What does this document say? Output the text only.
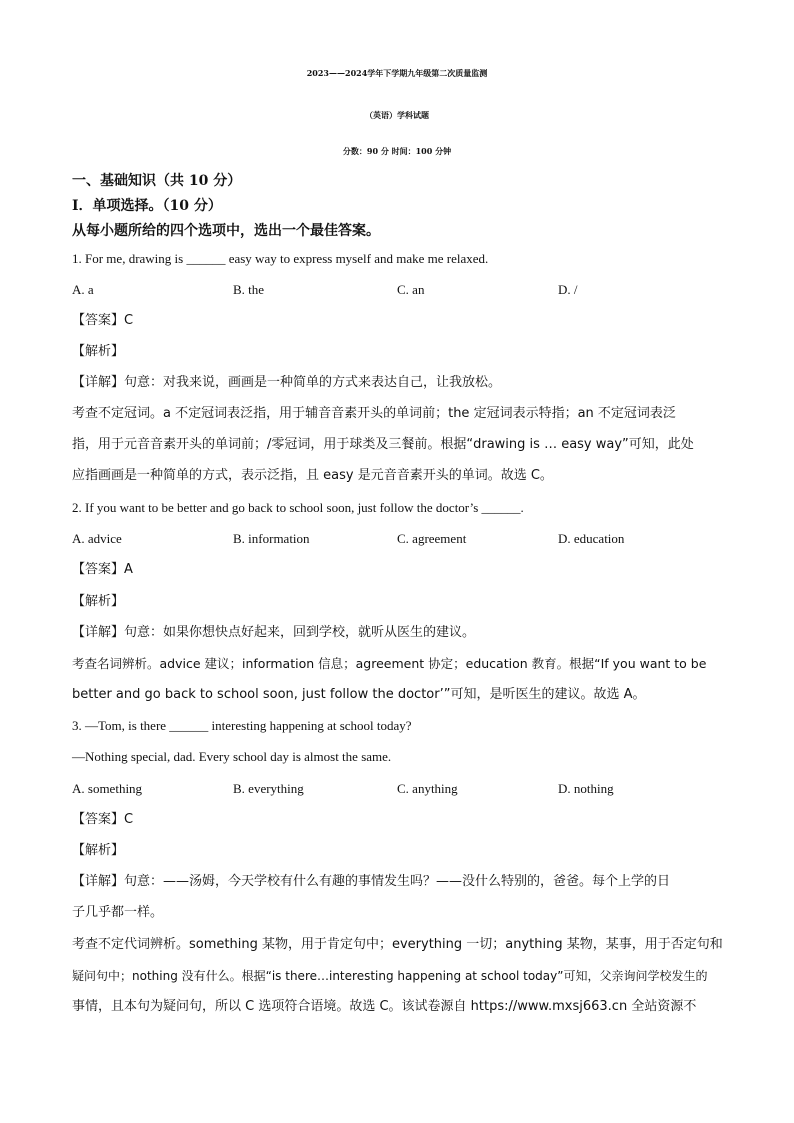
2023——2024学年下学期九年级第二次质量监测
（英语）学科试题
分数：90 分 时间：100 分钟
一、基础知识（共 10 分）
Ⅰ．单项选择。（10 分）
从每小题所给的四个选项中，选出一个最佳答案。
1. For me, drawing is ______ easy way to express myself and make me relaxed.
A. a	B. the	C. an	D. /
【答案】C
【解析】
【详解】句意：对我来说，画画是一种简单的方式来表达自己，让我放松。
考查不定冠词。a 不定冠词表泛指，用于辅音音素开头的单词前；the 定冠词表示特指；an 不定冠词表泛
指，用于元音音素开头的单词前；/零冠词，用于球类及三餐前。根据“drawing is … easy way”可知，此处
应指画画是一种简单的方式，表示泛指，且 easy 是元音音素开头的单词。故选 C。
2. If you want to be better and go back to school soon, just follow the doctor’s ______.
A. advice	B. information	C. agreement	D. education
【答案】A
【解析】
【详解】句意：如果你想快点好起来，回到学校，就听从医生的建议。
考查名词辨析。advice 建议；information 信息；agreement 协定；education 教育。根据“If you want to be
better and go back to school soon, just follow the doctor’”可知，是听医生的建议。故选 A。
3. —Tom, is there ______ interesting happening at school today?
—Nothing special, dad. Every school day is almost the same.
A. something	B. everything	C. anything	D. nothing
【答案】C
【解析】
【详解】句意：——汤姆，今天学校有什么有趣的事情发生吗？——没什么特别的，爸爸。每个上学的日
子几乎都一样。
考查不定代词辨析。something 某物，用于肯定句中；everything 一切；anything 某物，某事，用于否定句和
疑问句中；nothing 没有什么。根据“is there…interesting happening at school today”可知，父亲询问学校发生的
事情，且本句为疑问句，所以 C 选项符合语境。故选 C。该试卷源自 https://www.mxsj663.cn 全站资源不
